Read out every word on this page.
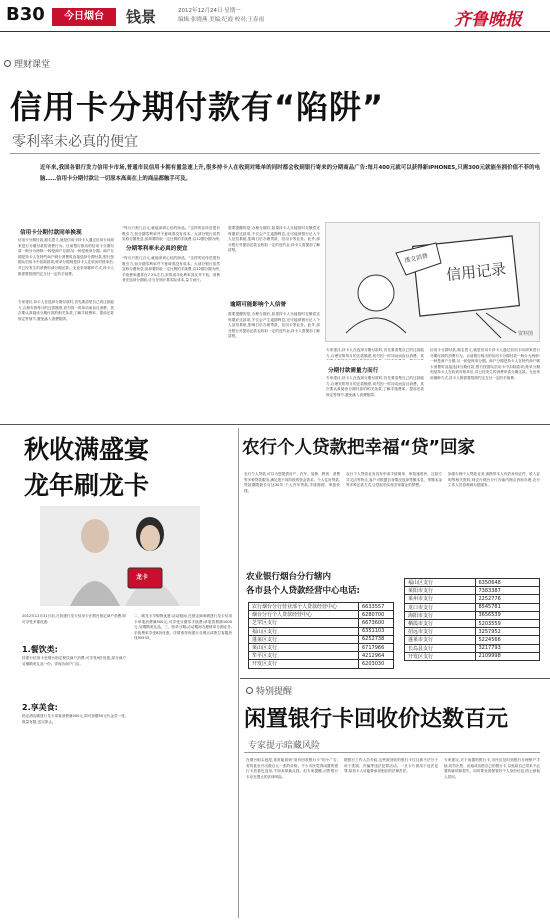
B30	今日烟台	钱景	2012年12月24日 星期一
编辑:张晓燕 美编:纪霞 校对:王春雨	齐鲁晚报
理财课堂
信用卡分期付款有“陷阱”
零利率未必真的便宜
近年来,我国各银行发力信用卡市场,普通市民信用卡拥有量急速上升,很多持卡人在收到对账单的同时都会收到银行寄来的分期商品广告:每月400元就可以获得新iPHONE5,只需300元就能坐拥价值不菲的电脑……信用卡分期付款让一切原本高高在上的商品都触手可及。
信用卡分期付款同单换现
信用卡分期付款,顾名思义,就是信用卡持卡人通过信用卡向商家进行分期付款的消费行为。目前银行推出的信用卡分期付款一般分为两种:一种是商户分期,另一种是账单分期。商户分期是持卡人在特约商户刷卡消费时直接选择分期付款,银行按期从信用卡中扣除款项;账单分期则是持卡人在收到对账单后,对已经发生的消费申请分期还款。无论采用哪种方式,持卡人都需要按照约定支付一定的手续费。
专家建议,持卡人在选择分期付款时,首先要清楚自己的还款能力,合理安排每月的还款额度,切勿因一时冲动而盲目消费。其次要认真阅读分期付款的相关条款,了解手续费率、提前还款规定等细节,避免落入消费陷阱。
分期零利率未必真的便宜
“每月只需几百元,就能拿到心仪的商品。”这样的宣传语很有吸引力,但分期零利率并不意味着没有成本。大部分银行虽然宣称分期免息,但却要收取一定比例的手续费,以12期分期为例,
“每月只需几百元,就能拿到心仪的商品。”这样的宣传语很有吸引力,但分期零利率并不意味着没有成本。大部分银行虽然宣称分期免息,但却要收取一定比例的手续费,以12期分期为例,手续费率通常在7.2%左右,折算成年化利率其实并不低。消费者在选择分期前,应当仔细计算实际成本,量力而行。
需要提醒的是,办理分期后,如果持卡人未能按时足额偿还每期应还款项,不仅会产生逾期利息,还可能被银行记入个人征信系统,影响日后办理贷款、信用卡等业务。此外,部分银行对提前还款也收取一定的违约金,持卡人需提前了解清楚。
逾期可能影响个人信誉
需要提醒的是,办理分期后,如果持卡人未能按时足额偿还每期应还款项,不仅会产生逾期利息,还可能被银行记入个人征信系统,影响日后办理贷款、信用卡等业务。此外,部分银行对提前还款也收取一定的违约金,持卡人需提前了解清楚。
信用记录
透支消费
资料图
专家建议,持卡人在选择分期付款时,首先要清楚自己的还款能力,合理安排每月的还款额度,切勿因一时冲动而盲目消费。其
分期付款需量力而行
专家建议,持卡人在选择分期付款时,首先要清楚自己的还款能力,合理安排每月的还款额度,切勿因一时冲动而盲目消费。其次要认真阅读分期付款的相关条款,了解手续费率、提前还款规定等细节,避免落入消费陷阱。
信用卡分期付款,顾名思义,就是信用卡持卡人通过信用卡向商家进行分期付款的消费行为。目前银行推出的信用卡分期付款一般分为两种:一种是商户分期,另一种是账单分期。商户分期是持卡人在特约商户刷卡消费时直接选择分期付款,银行按期从信用卡中扣除款项;账单分期则是持卡人在收到对账单后,对已经发生的消费申请分期还款。无论采用哪种方式,持卡人都需要按照约定支付一定的手续费。
秋收满盛宴
龙年刷龙卡
龙卡
2012年12月31日前,凡持建行龙卡信用卡在烟台指定商户消费,即可享受多重优惠:
1.餐饮类:
持建行信用卡至烟台指定餐饮商户消费,可享受9折优惠,部分商户另赠精美礼品一份。详询各商户门店。
2.享美食:
指定酒店刷建行龙卡单笔消费满300元,即可获赠50元代金券一张,数量有限,送完即止。
二、刷龙卡享购物优惠:活动期间,在指定商场刷建行龙卡信用卡单笔消费满500元,可享受分期零手续费;单笔消费满1000元,另赠精美礼品。三、账单分期:活动期间办理账单分期业务,手续费率享受8折优惠。详情请咨询建行各网点或拨打客服热线95533。
农行个人贷款把幸福“贷”回家
农行个人贷款,可以为您提供房产、汽车、装修、教育、消费等多种贷款服务,满足您不同阶段的资金需求。个人住房贷款,贷款期限最长可达30年;个人汽车贷款,手续简便、审批快捷。
农行个人贷款业务具有申请手续简单、审批速度快、还款方式灵活等特点,客户可根据自身情况选择等额本息、等额本金等多种还款方式,让您轻松实现安家置业的梦想。
如需办理个人贷款业务,请携带本人有效身份证件、收入证明等相关资料,到农行烟台分行各辖内网点咨询办理,农行工作人员将竭诚为您服务。
农业银行烟台分行辖内
各市县个人贷款经营中心电话:
农行烟台分行营业部个人贷款经营中心	6633557
烟台分行个人贷款经营中心	6280700
芝罘区支行	6673600
福山区支行	6351103
蓬莱区支行	6252738
莱山区支行	6717966
牟平区支行	4212964
开发区支行	6203030
福山区支行	6350648
莱阳市支行	7383387
莱州市支行	2252776
龙口市支行	8545781
海阳市支行	3656539
栖霞市支行	5203559
招远市支行	3257952
蓬莱市支行	5224566
长岛县支行	3217793
开发区支行	2109998
特别提醒
闲置银行卡回收价达数百元
专家提示暗藏风险
在烟台街头巷尾,常常能看到“高价回收银行卡”的小广告,有的甚至开出数百元一张的价格。不少市民觉得闲置的银行卡放着也没用,不如卖掉换点钱。但专家提醒,出售银行卡存在很大的法律风险。
据银行工作人员介绍,这些被回收的银行卡往往被不法分子用于洗钱、诈骗等违法犯罪活动。一旦卡片被用于违法犯罪,原持卡人可能要承担相应的法律责任。
专家建议,对于闲置的银行卡,市民应及时到银行办理销户手续,切勿出售、出租或出借自己的银行卡,以免给自己带来不必要的麻烦和损失。同时要妥善保管好个人身份信息,防止被他人冒用。
